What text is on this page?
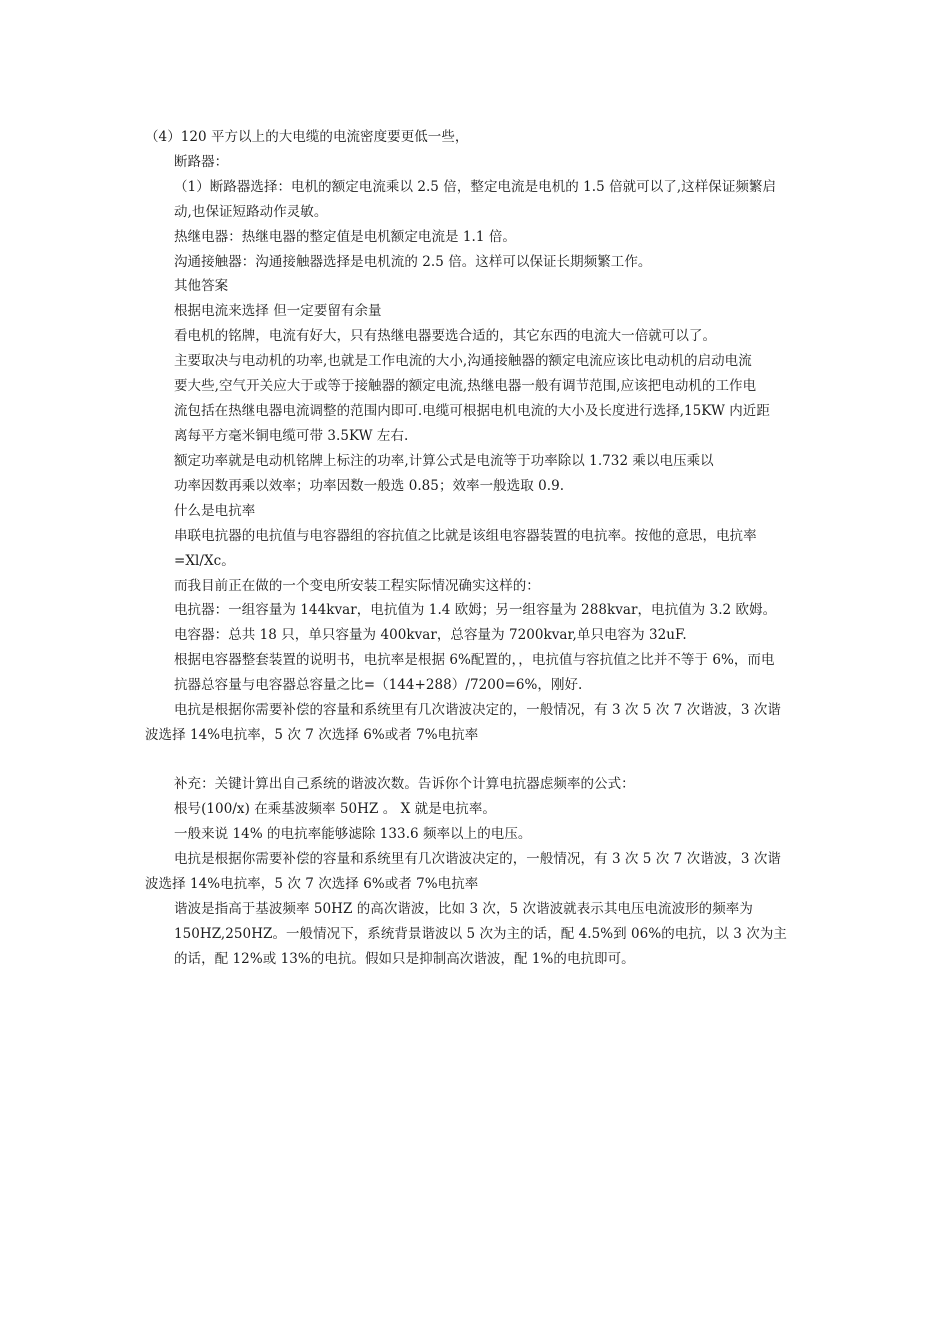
（4）120 平方以上的大电缆的电流密度要更低一些，
断路器：
（1）断路器选择：电机的额定电流乘以 2.5 倍，整定电流是电机的 1.5 倍就可以了,这样保证频繁启
动,也保证短路动作灵敏。
热继电器：热继电器的整定值是电机额定电流是 1.1 倍。
沟通接触器：沟通接触器选择是电机流的 2.5 倍。这样可以保证长期频繁工作。
其他答案
根据电流来选择 但一定要留有余量
看电机的铭牌，电流有好大，只有热继电器要选合适的，其它东西的电流大一倍就可以了。
主要取决与电动机的功率,也就是工作电流的大小,沟通接触器的额定电流应该比电动机的启动电流
要大些,空气开关应大于或等于接触器的额定电流,热继电器一般有调节范围,应该把电动机的工作电
流包括在热继电器电流调整的范围内即可.电缆可根据电机电流的大小及长度进行选择,15KW 内近距
离每平方毫米铜电缆可带 3.5KW 左右.
额定功率就是电动机铭牌上标注的功率,计算公式是电流等于功率除以 1.732 乘以电压乘以
功率因数再乘以效率；功率因数一般选 0.85；效率一般选取 0.9.
什么是电抗率
串联电抗器的电抗值与电容器组的容抗值之比就是该组电容器装置的电抗率。按他的意思，电抗率
=Xl/Xc。
而我目前正在做的一个变电所安装工程实际情况确实这样的：
电抗器：一组容量为 144kvar，电抗值为 1.4 欧姆；另一组容量为 288kvar，电抗值为 3.2 欧姆。
电容器：总共 18 只，单只容量为 400kvar，总容量为 7200kvar,单只电容为 32uF.
根据电容器整套装置的说明书，电抗率是根据 6%配置的，，电抗值与容抗值之比并不等于 6%，而电
抗器总容量与电容器总容量之比=（144+288）/7200=6%，刚好.
电抗是根据你需要补偿的容量和系统里有几次谐波决定的，一般情况，有 3 次 5 次 7 次谐波，3 次谐
波选择 14%电抗率，5 次 7 次选择 6%或者 7%电抗率
补充：关键计算出自己系统的谐波次数。告诉你个计算电抗器虑频率的公式：
根号(100/x) 在乘基波频率 50HZ 。 X 就是电抗率。
一般来说 14% 的电抗率能够滤除 133.6 频率以上的电压。
电抗是根据你需要补偿的容量和系统里有几次谐波决定的，一般情况，有 3 次 5 次 7 次谐波，3 次谐
波选择 14%电抗率，5 次 7 次选择 6%或者 7%电抗率
谐波是指高于基波频率 50HZ 的高次谐波，比如 3 次，5 次谐波就表示其电压电流波形的频率为
150HZ,250HZ。一般情况下，系统背景谐波以 5 次为主的话，配 4.5%到 06%的电抗，以 3 次为主
的话，配 12%或 13%的电抗。假如只是抑制高次谐波，配 1%的电抗即可。
